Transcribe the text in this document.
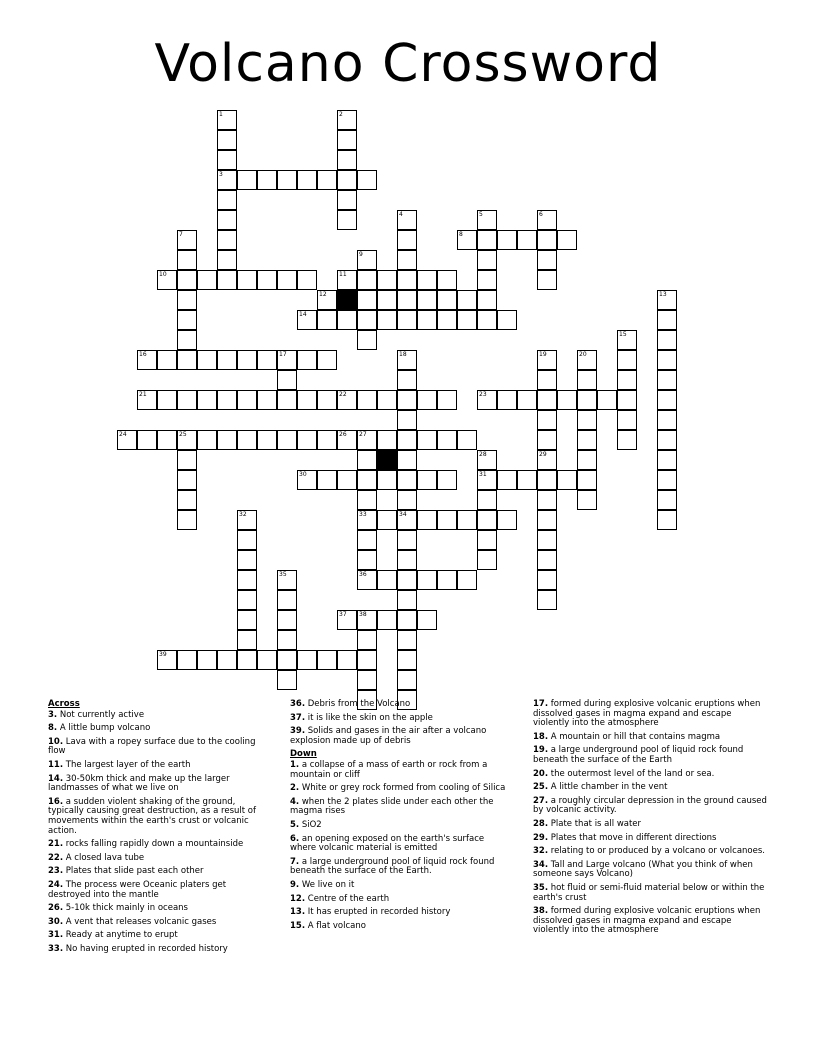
Volcano Crossword
1
3
2
4	5	6
7	8
9
10	11
12	13
14
15
16	17	18
34
19	20
21	22	23
24	25	26 27
33
28
31
29
30
32
35	36
37 38
39
Across
3. Not currently active
8. A little bump volcano
10. Lava with a ropey surface due to the cooling flow
11. The largest layer of the earth
14. 30-50km thick and make up the larger landmasses of what we live on
16. a sudden violent shaking of the ground, typically causing great destruction, as a result of movements within the earth's crust or volcanic action.
21. rocks falling rapidly down a mountainside
22. A closed lava tube
23. Plates that slide past each other
24. The process were Oceanic platers get destroyed into the mantle
26. 5-10k thick mainly in oceans
30. A vent that releases volcanic gases
31. Ready at anytime to erupt
33. No having erupted in recorded history
36. Debris from the Volcano
37. it is like the skin on the apple
39. Solids and gases in the air after a volcano explosion made up of debris
Down
1. a collapse of a mass of earth or rock from a mountain or cliff
2. White or grey rock formed from cooling of Silica
4. when the 2 plates slide under each other the magma rises
5. SiO2
6. an opening exposed on the earth's surface where volcanic material is emitted
7. a large underground pool of liquid rock found beneath the surface of the Earth.
9. We live on it
12. Centre of the earth
13. It has erupted in recorded history
15. A flat volcano
17. formed during explosive volcanic eruptions when dissolved gases in magma expand and escape violently into the atmosphere
18. A mountain or hill that contains magma
19. a large underground pool of liquid rock found beneath the surface of the Earth
20. the outermost level of the land or sea.
25. A little chamber in the vent
27. a roughly circular depression in the ground caused by volcanic activity.
28. Plate that is all water
29. Plates that move in different directions
32. relating to or produced by a volcano or volcanoes.
34. Tall and Large volcano (What you think of when someone says Volcano)
35. hot fluid or semi-fluid material below or within the earth's crust
38. formed during explosive volcanic eruptions when dissolved gases in magma expand and escape violently into the atmosphere
